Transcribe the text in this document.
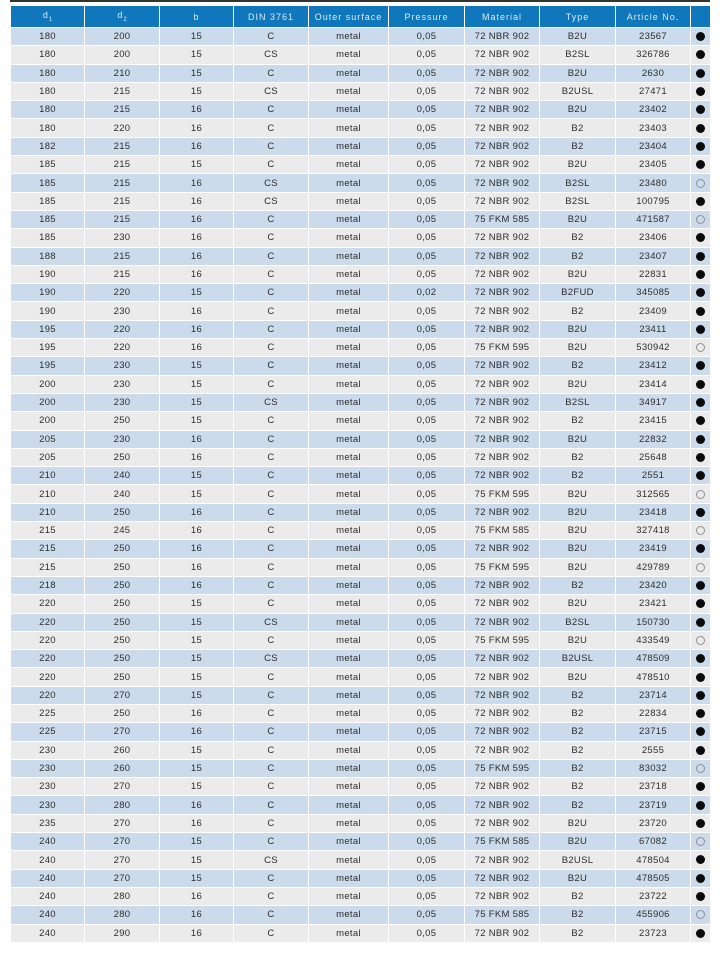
$d_1$	$d_2$	b	DIN 3761	Outer surface	Pressure	Material	Type	Article No.	
180	200	15	C	metal	0,05	72 NBR 902	B2U	23567	
180	200	15	CS	metal	0,05	72 NBR 902	B2SL	326786	
180	210	15	C	metal	0,05	72 NBR 902	B2U	2630	
180	215	15	CS	metal	0,05	72 NBR 902	B2USL	27471	
180	215	16	C	metal	0,05	72 NBR 902	B2U	23402	
180	220	16	C	metal	0,05	72 NBR 902	B2	23403	
182	215	16	C	metal	0,05	72 NBR 902	B2	23404	
185	215	15	C	metal	0,05	72 NBR 902	B2U	23405	
185	215	16	CS	metal	0,05	72 NBR 902	B2SL	23480	
185	215	16	CS	metal	0,05	72 NBR 902	B2SL	100795	
185	215	16	C	metal	0,05	75 FKM 585	B2U	471587	
185	230	16	C	metal	0,05	72 NBR 902	B2	23406	
188	215	16	C	metal	0,05	72 NBR 902	B2	23407	
190	215	16	C	metal	0,05	72 NBR 902	B2U	22831	
190	220	15	C	metal	0,02	72 NBR 902	B2FUD	345085	
190	230	16	C	metal	0,05	72 NBR 902	B2	23409	
195	220	16	C	metal	0,05	72 NBR 902	B2U	23411	
195	220	16	C	metal	0,05	75 FKM 595	B2U	530942	
195	230	15	C	metal	0,05	72 NBR 902	B2	23412	
200	230	15	C	metal	0,05	72 NBR 902	B2U	23414	
200	230	15	CS	metal	0,05	72 NBR 902	B2SL	34917	
200	250	15	C	metal	0,05	72 NBR 902	B2	23415	
205	230	16	C	metal	0,05	72 NBR 902	B2U	22832	
205	250	16	C	metal	0,05	72 NBR 902	B2	25648	
210	240	15	C	metal	0,05	72 NBR 902	B2	2551	
210	240	15	C	metal	0,05	75 FKM 595	B2U	312565	
210	250	16	C	metal	0,05	72 NBR 902	B2U	23418	
215	245	16	C	metal	0,05	75 FKM 585	B2U	327418	
215	250	16	C	metal	0,05	72 NBR 902	B2U	23419	
215	250	16	C	metal	0,05	75 FKM 595	B2U	429789	
218	250	16	C	metal	0,05	72 NBR 902	B2	23420	
220	250	15	C	metal	0,05	72 NBR 902	B2U	23421	
220	250	15	CS	metal	0,05	72 NBR 902	B2SL	150730	
220	250	15	C	metal	0,05	75 FKM 595	B2U	433549	
220	250	15	CS	metal	0,05	72 NBR 902	B2USL	478509	
220	250	15	C	metal	0,05	72 NBR 902	B2U	478510	
220	270	15	C	metal	0,05	72 NBR 902	B2	23714	
225	250	16	C	metal	0,05	72 NBR 902	B2	22834	
225	270	16	C	metal	0,05	72 NBR 902	B2	23715	
230	260	15	C	metal	0,05	72 NBR 902	B2	2555	
230	260	15	C	metal	0,05	75 FKM 595	B2	83032	
230	270	15	C	metal	0,05	72 NBR 902	B2	23718	
230	280	16	C	metal	0,05	72 NBR 902	B2	23719	
235	270	16	C	metal	0,05	72 NBR 902	B2U	23720	
240	270	15	C	metal	0,05	75 FKM 585	B2U	67082	
240	270	15	CS	metal	0,05	72 NBR 902	B2USL	478504	
240	270	15	C	metal	0,05	72 NBR 902	B2U	478505	
240	280	16	C	metal	0,05	72 NBR 902	B2	23722	
240	280	16	C	metal	0,05	75 FKM 585	B2	455906	
240	290	16	C	metal	0,05	72 NBR 902	B2	23723	
